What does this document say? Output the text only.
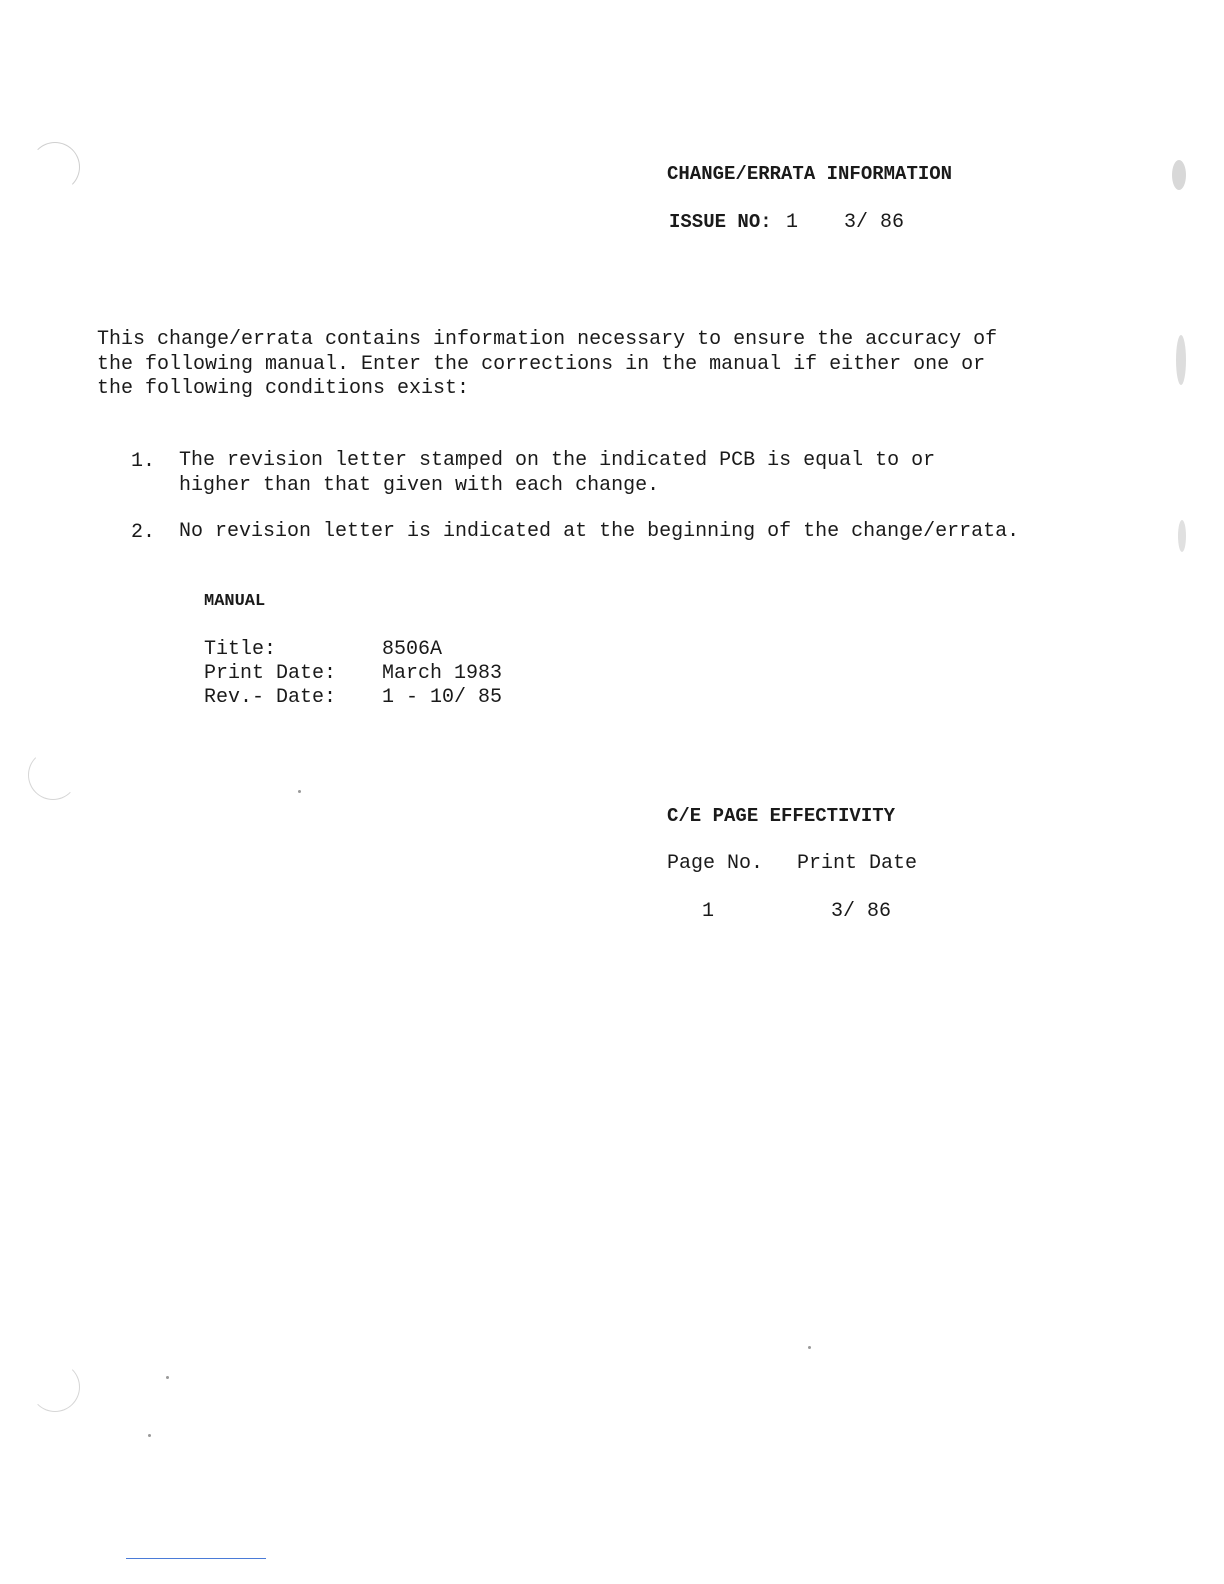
CHANGE/ERRATA INFORMATION
ISSUE NO: 1 3/ 86
This change/errata contains information necessary to ensure the accuracy of
the following manual. Enter the corrections in the manual if either one or
the following conditions exist:
1. The revision letter stamped on the indicated PCB is equal to or
higher than that given with each change.
2. No revision letter is indicated at the beginning of the change/errata.
MANUAL
Title:	8506A
Print Date: March 1983
Rev.- Date: 1 - 10/ 85
C/E PAGE EFFECTIVITY
Page No. Print Date
1	3/ 86
